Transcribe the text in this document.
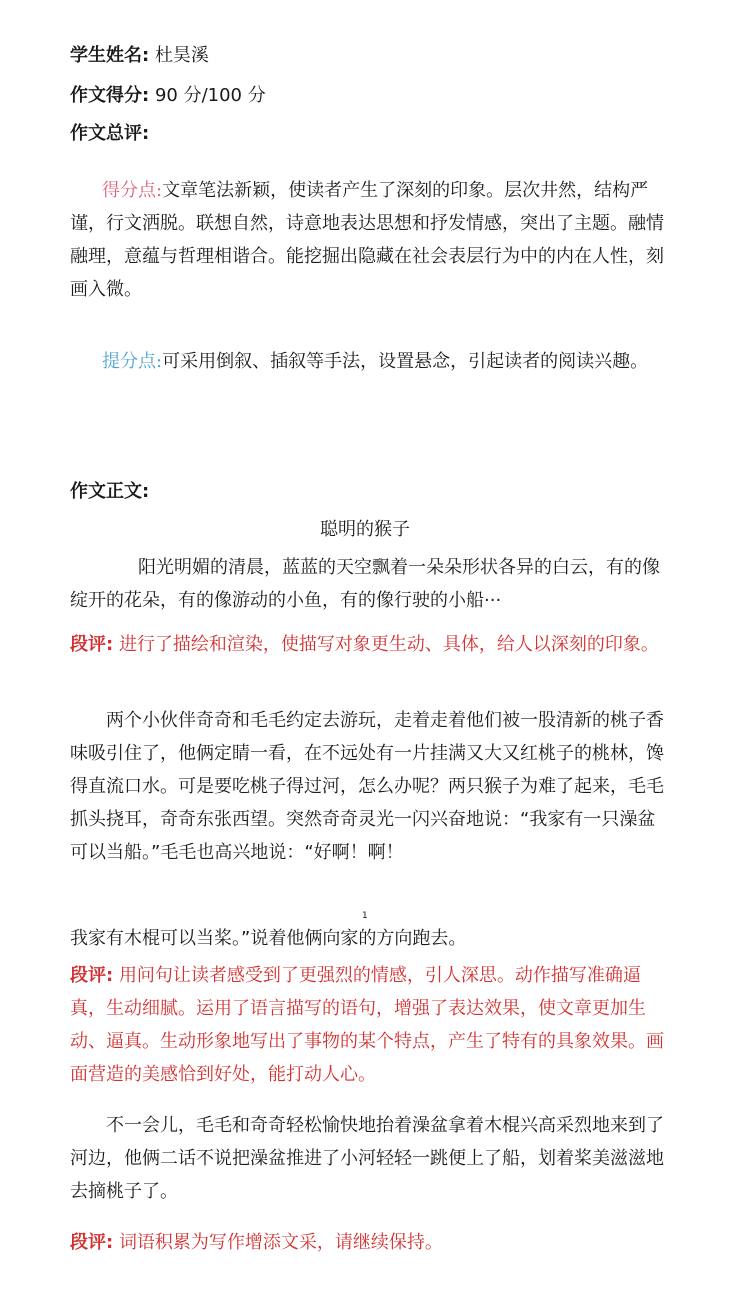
学生姓名: 杜昊溪
作文得分: 90 分/100 分
作文总评:
得分点:文章笔法新颖，使读者产生了深刻的印象。层次井然，结构严谨，行文洒脱。联想自然，诗意地表达思想和抒发情感，突出了主题。融情融理，意蕴与哲理相谐合。能挖掘出隐藏在社会表层行为中的内在人性，刻画入微。
提分点:可采用倒叙、插叙等手法，设置悬念，引起读者的阅读兴趣。
作文正文:
聪明的猴子
阳光明媚的清晨，蓝蓝的天空飘着一朵朵形状各异的白云，有的像绽开的花朵，有的像游动的小鱼，有的像行驶的小船···
段评: 进行了描绘和渲染，使描写对象更生动、具体，给人以深刻的印象。
两个小伙伴奇奇和毛毛约定去游玩，走着走着他们被一股清新的桃子香味吸引住了，他俩定睛一看，在不远处有一片挂满又大又红桃子的桃林，馋得直流口水。可是要吃桃子得过河，怎么办呢？两只猴子为难了起来，毛毛抓头挠耳，奇奇东张西望。突然奇奇灵光一闪兴奋地说：“我家有一只澡盆可以当船。”毛毛也高兴地说：“好啊！啊！
1
我家有木棍可以当桨。”说着他俩向家的方向跑去。
段评: 用问句让读者感受到了更强烈的情感，引人深思。动作描写准确逼真，生动细腻。运用了语言描写的语句，增强了表达效果，使文章更加生动、逼真。生动形象地写出了事物的某个特点，产生了特有的具象效果。画面营造的美感恰到好处，能打动人心。
不一会儿，毛毛和奇奇轻松愉快地抬着澡盆拿着木棍兴高采烈地来到了河边，他俩二话不说把澡盆推进了小河轻轻一跳便上了船，划着桨美滋滋地去摘桃子了。
段评: 词语积累为写作增添文采，请继续保持。
